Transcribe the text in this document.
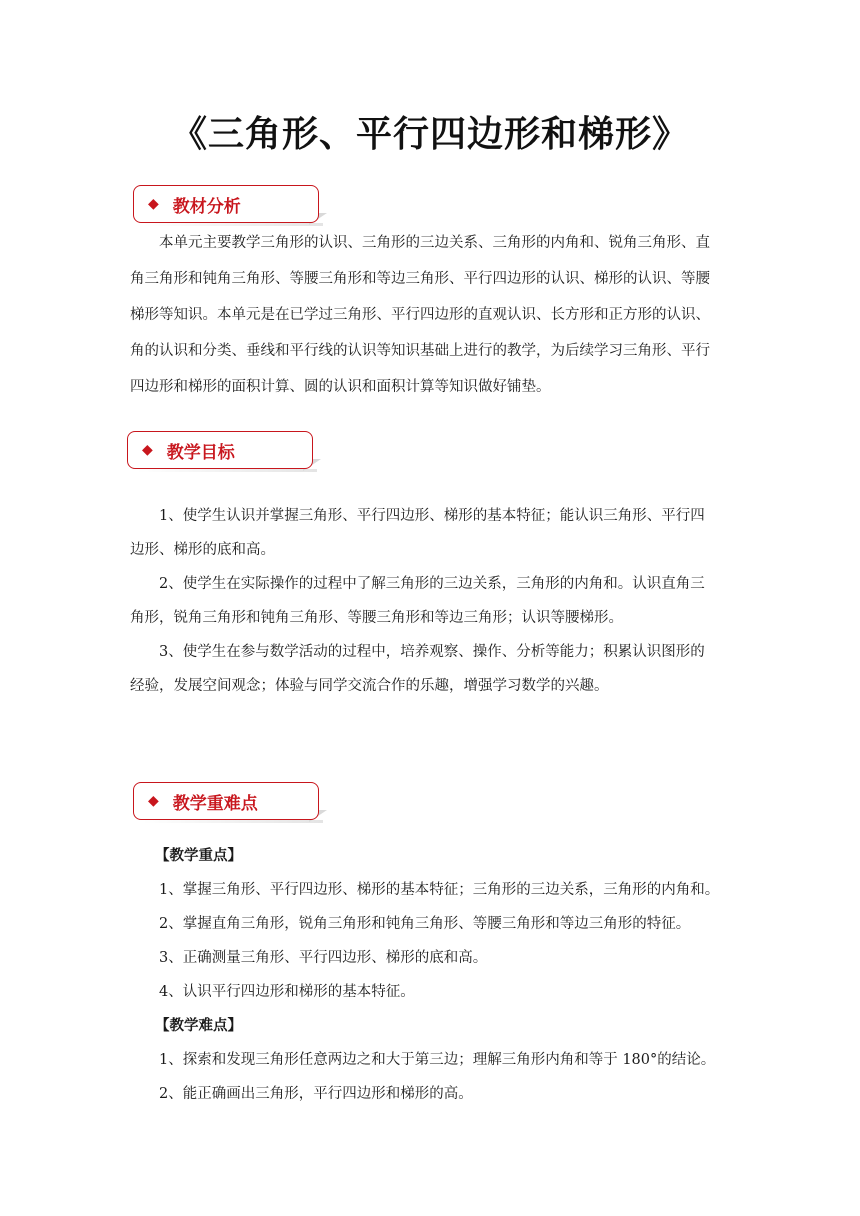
《三角形、平行四边形和梯形》
◆ 教材分析
本单元主要教学三角形的认识、三角形的三边关系、三角形的内角和、锐角三角形、直
角三角形和钝角三角形、等腰三角形和等边三角形、平行四边形的认识、梯形的认识、等腰
梯形等知识。本单元是在已学过三角形、平行四边形的直观认识、长方形和正方形的认识、
角的认识和分类、垂线和平行线的认识等知识基础上进行的教学，为后续学习三角形、平行
四边形和梯形的面积计算、圆的认识和面积计算等知识做好铺垫。
◆ 教学目标
1、使学生认识并掌握三角形、平行四边形、梯形的基本特征；能认识三角形、平行四
边形、梯形的底和高。
2、使学生在实际操作的过程中了解三角形的三边关系，三角形的内角和。认识直角三
角形，锐角三角形和钝角三角形、等腰三角形和等边三角形；认识等腰梯形。
3、使学生在参与数学活动的过程中，培养观察、操作、分析等能力；积累认识图形的
经验，发展空间观念；体验与同学交流合作的乐趣，增强学习数学的兴趣。
◆ 教学重难点
【教学重点】
1、掌握三角形、平行四边形、梯形的基本特征；三角形的三边关系，三角形的内角和。
2、掌握直角三角形，锐角三角形和钝角三角形、等腰三角形和等边三角形的特征。
3、正确测量三角形、平行四边形、梯形的底和高。
4、认识平行四边形和梯形的基本特征。
【教学难点】
1、探索和发现三角形任意两边之和大于第三边；理解三角形内角和等于 180°的结论。
2、能正确画出三角形，平行四边形和梯形的高。
